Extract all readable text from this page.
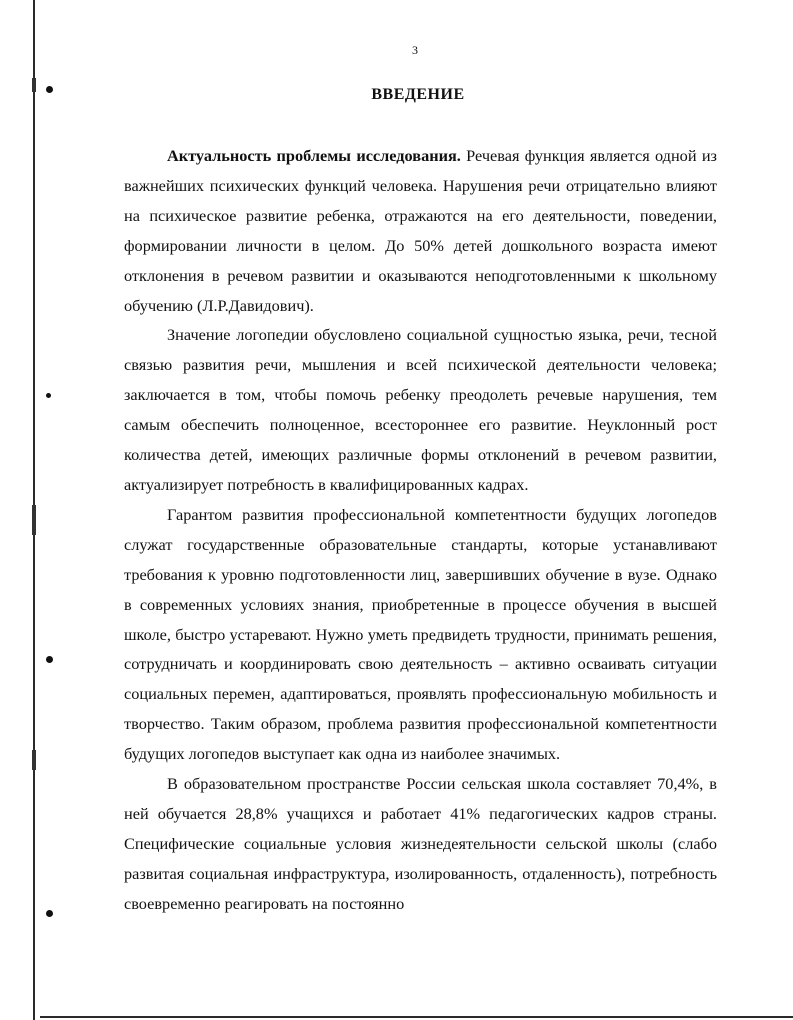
3
ВВЕДЕНИЕ

Актуальность проблемы исследования. Речевая функция является одной из важнейших психических функций человека. Нарушения речи отрицательно влияют на психическое развитие ребенка, отражаются на его деятельности, поведении, формировании личности в целом. До 50% детей дошкольного возраста имеют отклонения в речевом развитии и оказываются неподготовленными к школьному обучению (Л.Р.Давидович).

Значение логопедии обусловлено социальной сущностью языка, речи, тесной связью развития речи, мышления и всей психической деятельности человека; заключается в том, чтобы помочь ребенку преодолеть речевые нарушения, тем самым обеспечить полноценное, всестороннее его развитие. Неуклонный рост количества детей, имеющих различные формы отклонений в речевом развитии, актуализирует потребность в квалифицированных кадрах.

Гарантом развития профессиональной компетентности будущих логопедов служат государственные образовательные стандарты, которые устанавливают требования к уровню подготовленности лиц, завершивших обучение в вузе. Однако в современных условиях знания, приобретенные в процессе обучения в высшей школе, быстро устаревают. Нужно уметь предвидеть трудности, принимать решения, сотрудничать и координировать свою деятельность – активно осваивать ситуации социальных перемен, адаптироваться, проявлять профессиональную мобильность и творчество. Таким образом, проблема развития профессиональной компетентности будущих логопедов выступает как одна из наиболее значимых.

В образовательном пространстве России сельская школа составляет 70,4%, в ней обучается 28,8% учащихся и работает 41% педагогических кадров страны. Специфические социальные условия жизнедеятельности сельской школы (слабо развитая социальная инфраструктура, изолированность, отдаленность), потребность своевременно реагировать на постоянно
